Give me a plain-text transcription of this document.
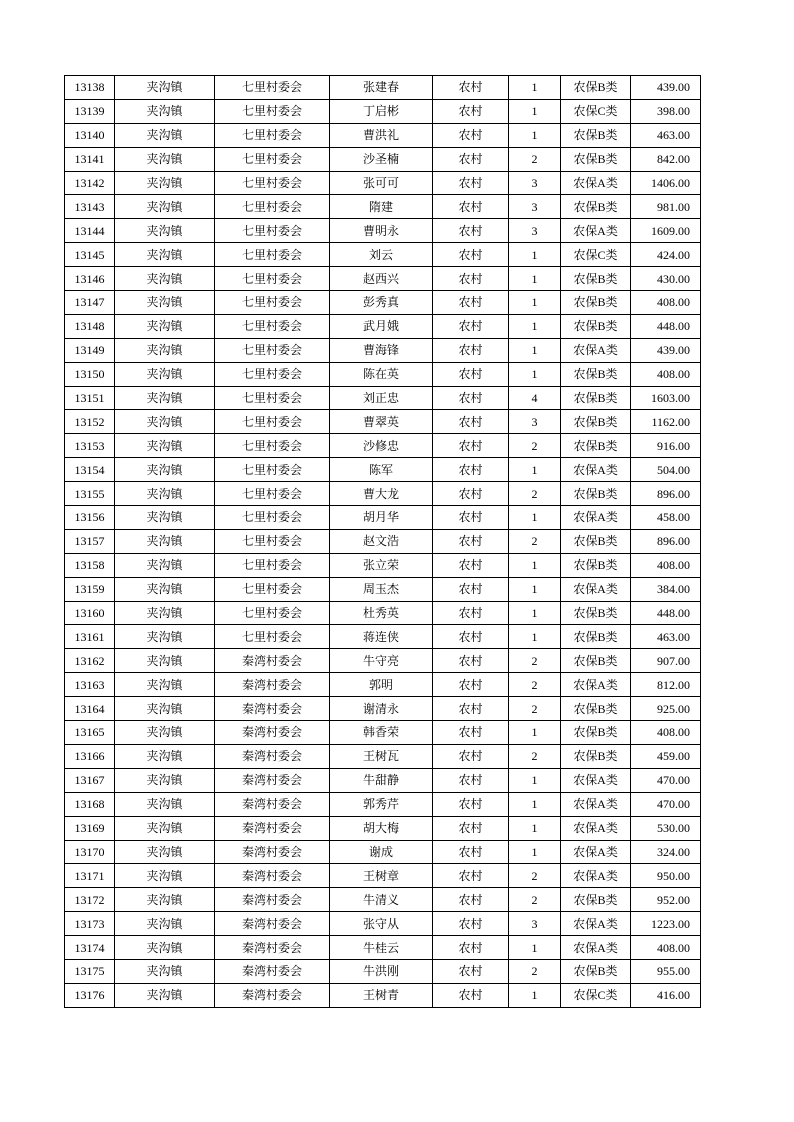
13138	夹沟镇	七里村委会	张建春	农村	1	农保B类	439.00
13139	夹沟镇	七里村委会	丁启彬	农村	1	农保C类	398.00
13140	夹沟镇	七里村委会	曹洪礼	农村	1	农保B类	463.00
13141	夹沟镇	七里村委会	沙圣楠	农村	2	农保B类	842.00
13142	夹沟镇	七里村委会	张可可	农村	3	农保A类	1406.00
13143	夹沟镇	七里村委会	隋建	农村	3	农保B类	981.00
13144	夹沟镇	七里村委会	曹明永	农村	3	农保A类	1609.00
13145	夹沟镇	七里村委会	刘云	农村	1	农保C类	424.00
13146	夹沟镇	七里村委会	赵西兴	农村	1	农保B类	430.00
13147	夹沟镇	七里村委会	彭秀真	农村	1	农保B类	408.00
13148	夹沟镇	七里村委会	武月娥	农村	1	农保B类	448.00
13149	夹沟镇	七里村委会	曹海锋	农村	1	农保A类	439.00
13150	夹沟镇	七里村委会	陈在英	农村	1	农保B类	408.00
13151	夹沟镇	七里村委会	刘正忠	农村	4	农保B类	1603.00
13152	夹沟镇	七里村委会	曹翠英	农村	3	农保B类	1162.00
13153	夹沟镇	七里村委会	沙修忠	农村	2	农保B类	916.00
13154	夹沟镇	七里村委会	陈军	农村	1	农保A类	504.00
13155	夹沟镇	七里村委会	曹大龙	农村	2	农保B类	896.00
13156	夹沟镇	七里村委会	胡月华	农村	1	农保A类	458.00
13157	夹沟镇	七里村委会	赵文浩	农村	2	农保B类	896.00
13158	夹沟镇	七里村委会	张立荣	农村	1	农保B类	408.00
13159	夹沟镇	七里村委会	周玉杰	农村	1	农保A类	384.00
13160	夹沟镇	七里村委会	杜秀英	农村	1	农保B类	448.00
13161	夹沟镇	七里村委会	蒋连侠	农村	1	农保B类	463.00
13162	夹沟镇	秦湾村委会	牛守亮	农村	2	农保B类	907.00
13163	夹沟镇	秦湾村委会	郭明	农村	2	农保A类	812.00
13164	夹沟镇	秦湾村委会	谢清永	农村	2	农保B类	925.00
13165	夹沟镇	秦湾村委会	韩香荣	农村	1	农保B类	408.00
13166	夹沟镇	秦湾村委会	王树瓦	农村	2	农保B类	459.00
13167	夹沟镇	秦湾村委会	牛甜静	农村	1	农保A类	470.00
13168	夹沟镇	秦湾村委会	郭秀芹	农村	1	农保A类	470.00
13169	夹沟镇	秦湾村委会	胡大梅	农村	1	农保A类	530.00
13170	夹沟镇	秦湾村委会	谢成	农村	1	农保A类	324.00
13171	夹沟镇	秦湾村委会	王树章	农村	2	农保A类	950.00
13172	夹沟镇	秦湾村委会	牛清义	农村	2	农保B类	952.00
13173	夹沟镇	秦湾村委会	张守从	农村	3	农保A类	1223.00
13174	夹沟镇	秦湾村委会	牛桂云	农村	1	农保A类	408.00
13175	夹沟镇	秦湾村委会	牛洪刚	农村	2	农保B类	955.00
13176	夹沟镇	秦湾村委会	王树青	农村	1	农保C类	416.00
